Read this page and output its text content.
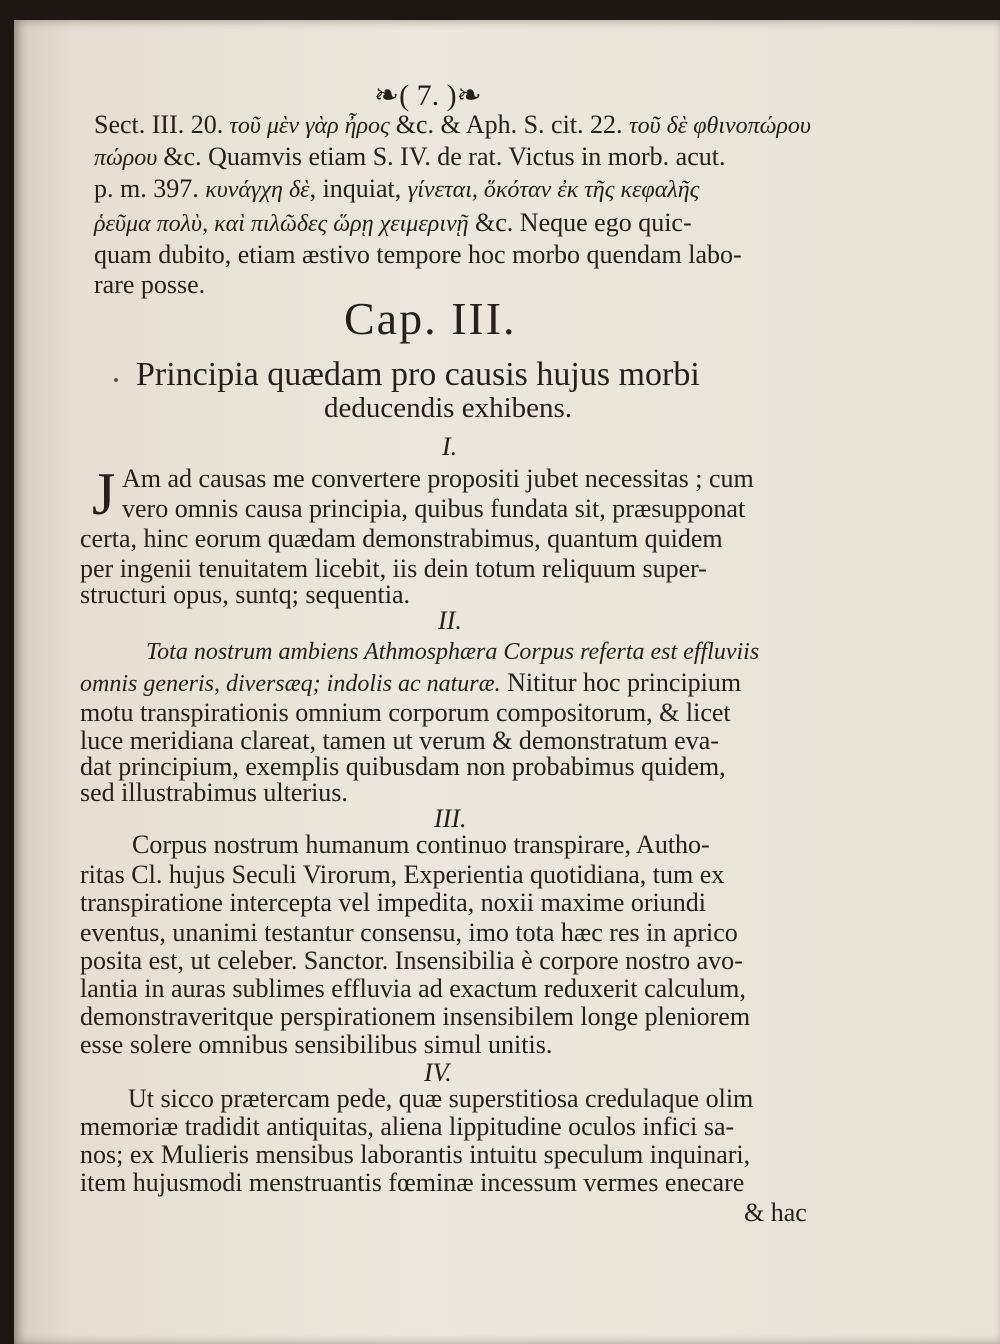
❧( 7. )❧
Sect. III. 20. τοῦ μὲν γὰρ ἦρος &c. & Aph. S. cit. 22. τοῦ δὲ φθινοπώρου
πώρου &c. Quamvis etiam S. IV. de rat. Victus in morb. acut.
p. m. 397. κυνάγχη δὲ, inquiat, γίνεται, ὅκόταν ἐκ τῆς κεφαλῆς
ῥεῦμα πολὺ, καὶ πιλῶδες ὥρῃ χειμερινῇ &c. Neque ego quic-
quam dubito, etiam æstivo tempore hoc morbo quendam labo-
rare posse.
Cap. III.
Principia quædam pro causis hujus morbi
deducendis exhibens.
I.
J Am ad causas me convertere propositi jubet necessitas ; cum
vero omnis causa principia, quibus fundata sit, præsupponat
certa, hinc eorum quædam demonstrabimus, quantum quidem
per ingenii tenuitatem licebit, iis dein totum reliquum super-
structuri opus, suntq; sequentia.
II.
Tota nostrum ambiens Athmosphæra Corpus referta est effluviis
omnis generis, diversæq; indolis ac naturæ. Nititur hoc principium
motu transpirationis omnium corporum compositorum, & licet
luce meridiana clareat, tamen ut verum & demonstratum eva-
dat principium, exemplis quibusdam non probabimus quidem,
sed illustrabimus ulterius.
III.
Corpus nostrum humanum continuo transpirare, Autho-
ritas Cl. hujus Seculi Virorum, Experientia quotidiana, tum ex
transpiratione intercepta vel impedita, noxii maxime oriundi
eventus, unanimi testantur consensu, imo tota hæc res in aprico
posita est, ut celeber. Sanctor. Insensibilia è corpore nostro avo-
lantia in auras sublimes effluvia ad exactum reduxerit calculum,
demonstraveritque perspirationem insensibilem longe pleniorem
esse solere omnibus sensibilibus simul unitis.
IV.
Ut sicco prætercam pede, quæ superstitiosa credulaque olim
memoriæ tradidit antiquitas, aliena lippitudine oculos infici sa-
nos; ex Mulieris mensibus laborantis intuitu speculum inquinari,
item hujusmodi menstruantis fœminæ incessum vermes enecare
& hac
